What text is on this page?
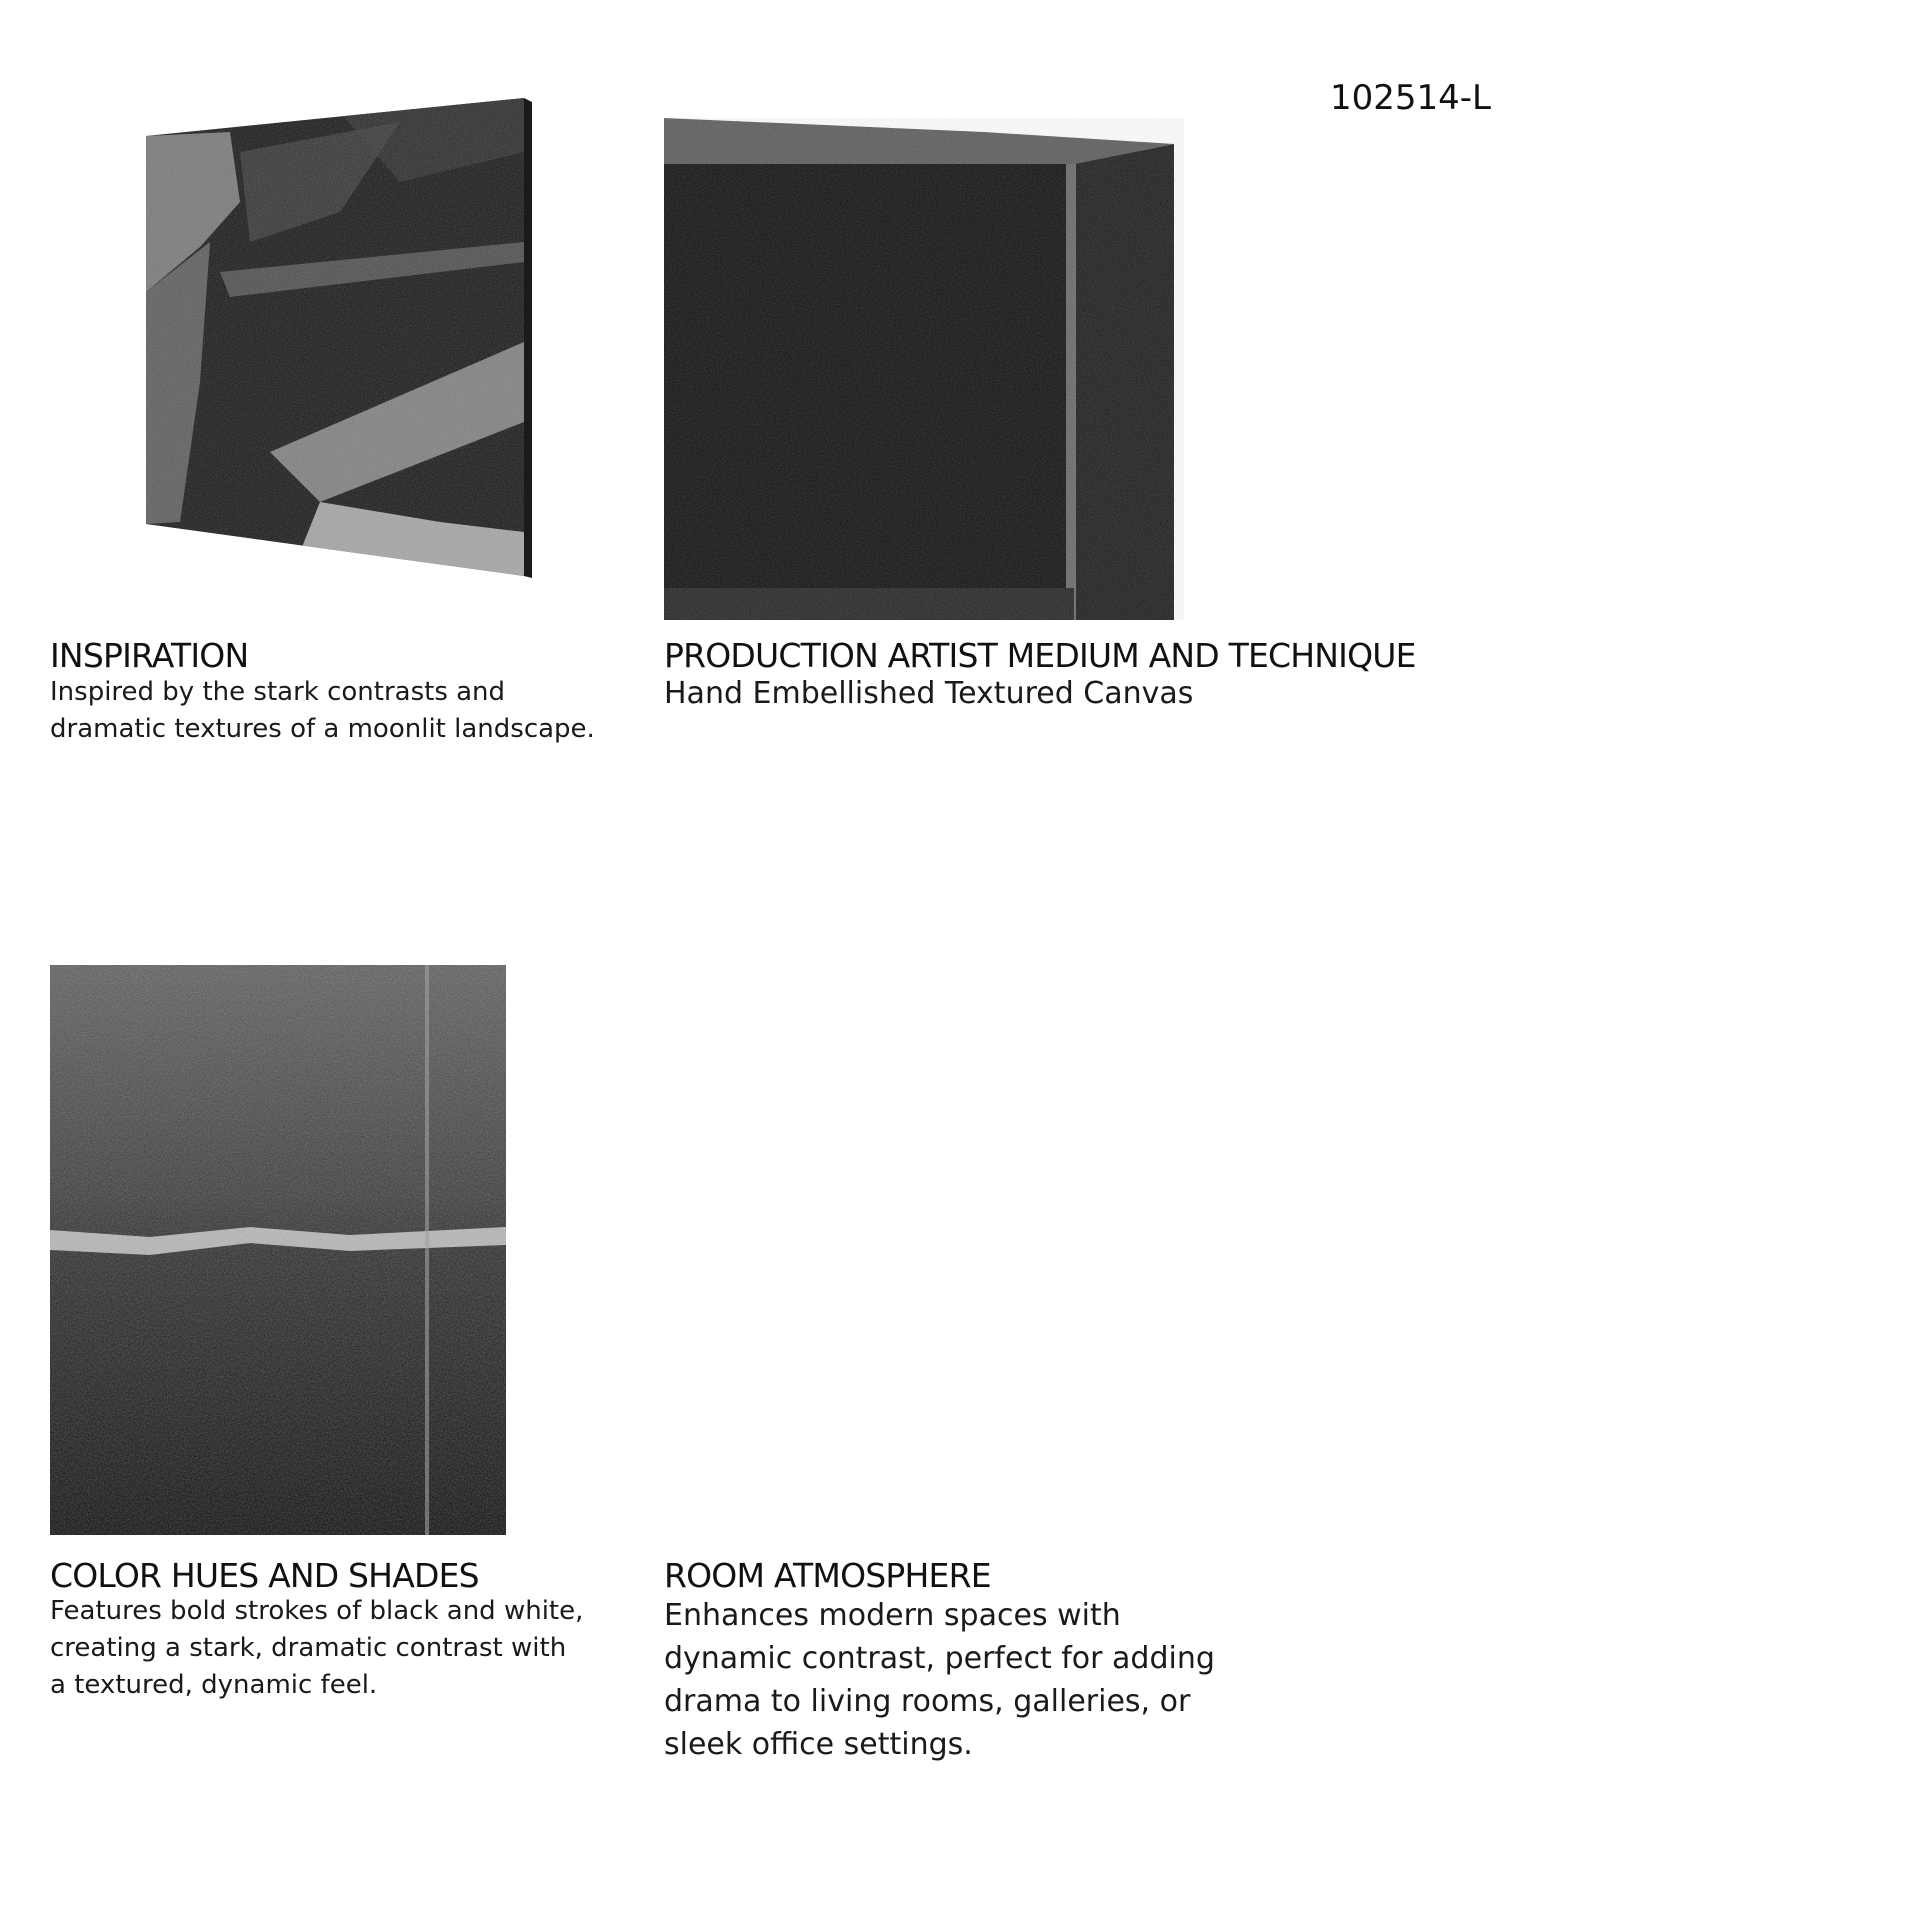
102514-L
INSPIRATION
Inspired by the stark contrasts and dramatic textures of a moonlit landscape.
PRODUCTION ARTIST MEDIUM AND TECHNIQUE
Hand Embellished Textured Canvas
COLOR HUES AND SHADES
Features bold strokes of black and white, creating a stark, dramatic contrast with a textured, dynamic feel.
ROOM ATMOSPHERE
Enhances modern spaces with dynamic contrast, perfect for adding drama to living rooms, galleries, or sleek office settings.
